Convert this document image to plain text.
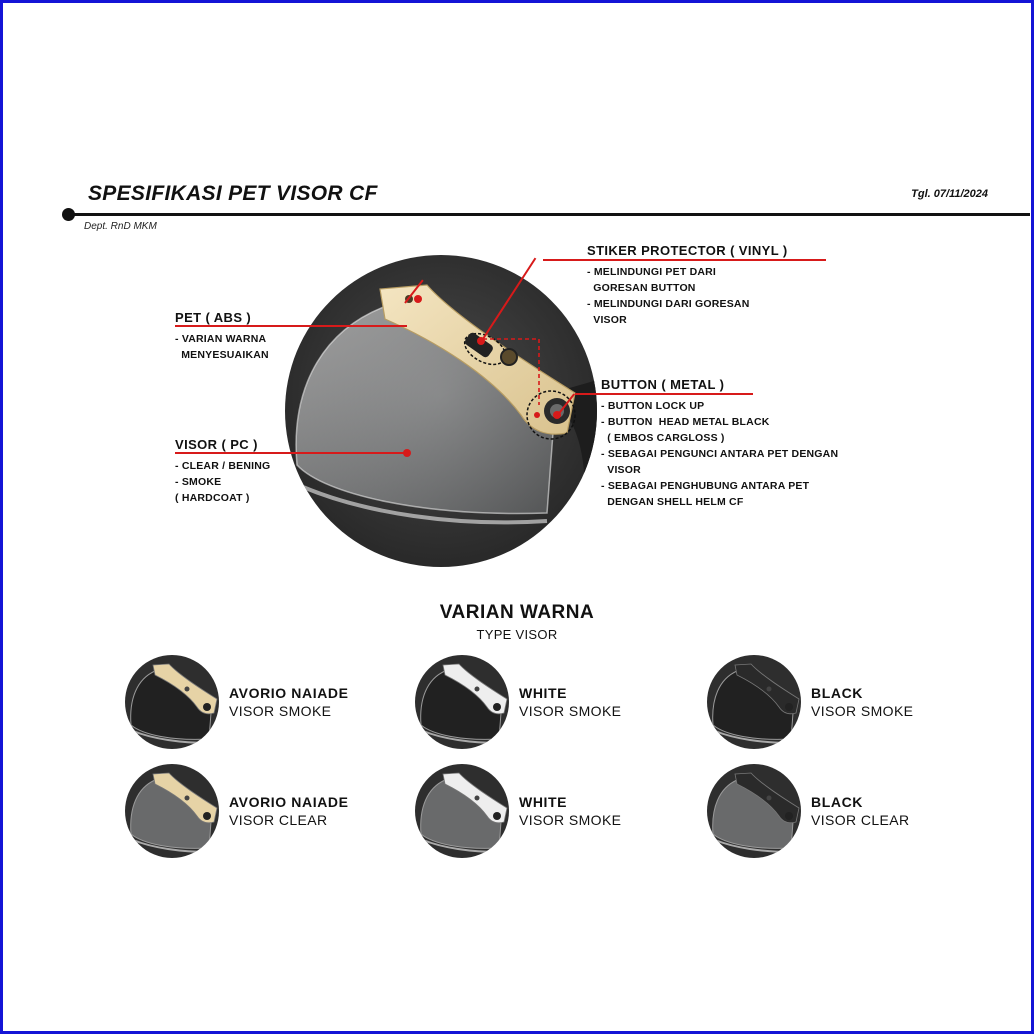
SPESIFIKASI PET VISOR CF	Tgl. 07/11/2024
Dept. RnD MKM
STIKER PROTECTOR ( VINYL )
- MELINDUNGI PET DARI
GORESAN BUTTON
- MELINDUNGI DARI GORESAN
VISOR
PET ( ABS )
- VARIAN WARNA
MENYESUAIKAN
BUTTON ( METAL )
- BUTTON LOCK UP
- BUTTON  HEAD METAL BLACK
( EMBOS CARGLOSS )
- SEBAGAI PENGUNCI ANTARA PET DENGAN
VISOR
- SEBAGAI PENGHUBUNG ANTARA PET
DENGAN SHELL HELM CF
VISOR ( PC )
- CLEAR / BENING
- SMOKE
( HARDCOAT )
VARIAN WARNA
TYPE VISOR
AVORIO NAIADE
VISOR SMOKE
WHITE
VISOR SMOKE
BLACK
VISOR SMOKE
AVORIO NAIADE
VISOR CLEAR
WHITE
VISOR SMOKE
BLACK
VISOR CLEAR
